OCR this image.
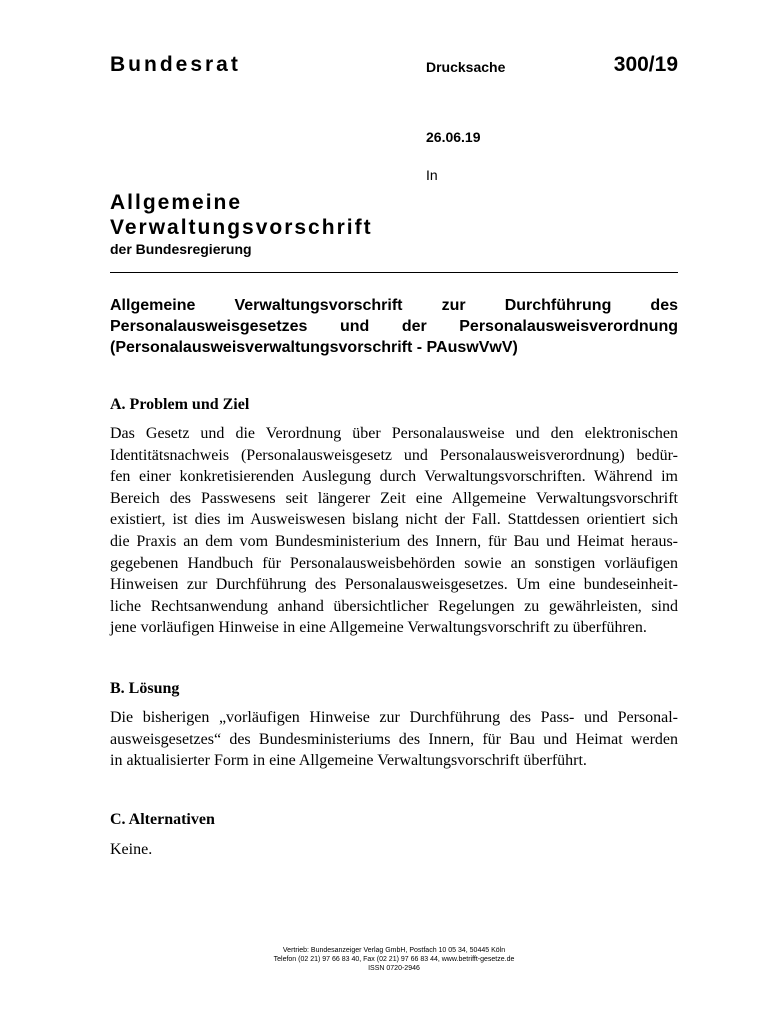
Bundesrat	Drucksache	300/19
26.06.19
In
Allgemeine
Verwaltungsvorschrift
der Bundesregierung
Allgemeine Verwaltungsvorschrift zur Durchführung des
Personalausweisgesetzes und der Personalausweisverordnung
(Personalausweisverwaltungsvorschrift - PAuswVwV)
A. Problem und Ziel
Das Gesetz und die Verordnung über Personalausweise und den elektronischen
Identitätsnachweis (Personalausweisgesetz und Personalausweisverordnung) bedür-
fen einer konkretisierenden Auslegung durch Verwaltungsvorschriften. Während im
Bereich des Passwesens seit längerer Zeit eine Allgemeine Verwaltungsvorschrift
existiert, ist dies im Ausweiswesen bislang nicht der Fall. Stattdessen orientiert sich
die Praxis an dem vom Bundesministerium des Innern, für Bau und Heimat heraus-
gegebenen Handbuch für Personalausweisbehörden sowie an sonstigen vorläufigen
Hinweisen zur Durchführung des Personalausweisgesetzes. Um eine bundeseinheit-
liche Rechtsanwendung anhand übersichtlicher Regelungen zu gewährleisten, sind
jene vorläufigen Hinweise in eine Allgemeine Verwaltungsvorschrift zu überführen.
B. Lösung
Die bisherigen „vorläufigen Hinweise zur Durchführung des Pass- und Personal-
ausweisgesetzes“ des Bundesministeriums des Innern, für Bau und Heimat werden
in aktualisierter Form in eine Allgemeine Verwaltungsvorschrift überführt.
C. Alternativen
Keine.
Vertrieb: Bundesanzeiger Verlag GmbH, Postfach 10 05 34, 50445 Köln
Telefon (02 21) 97 66 83 40, Fax (02 21) 97 66 83 44, www.betrifft-gesetze.de
ISSN 0720-2946
